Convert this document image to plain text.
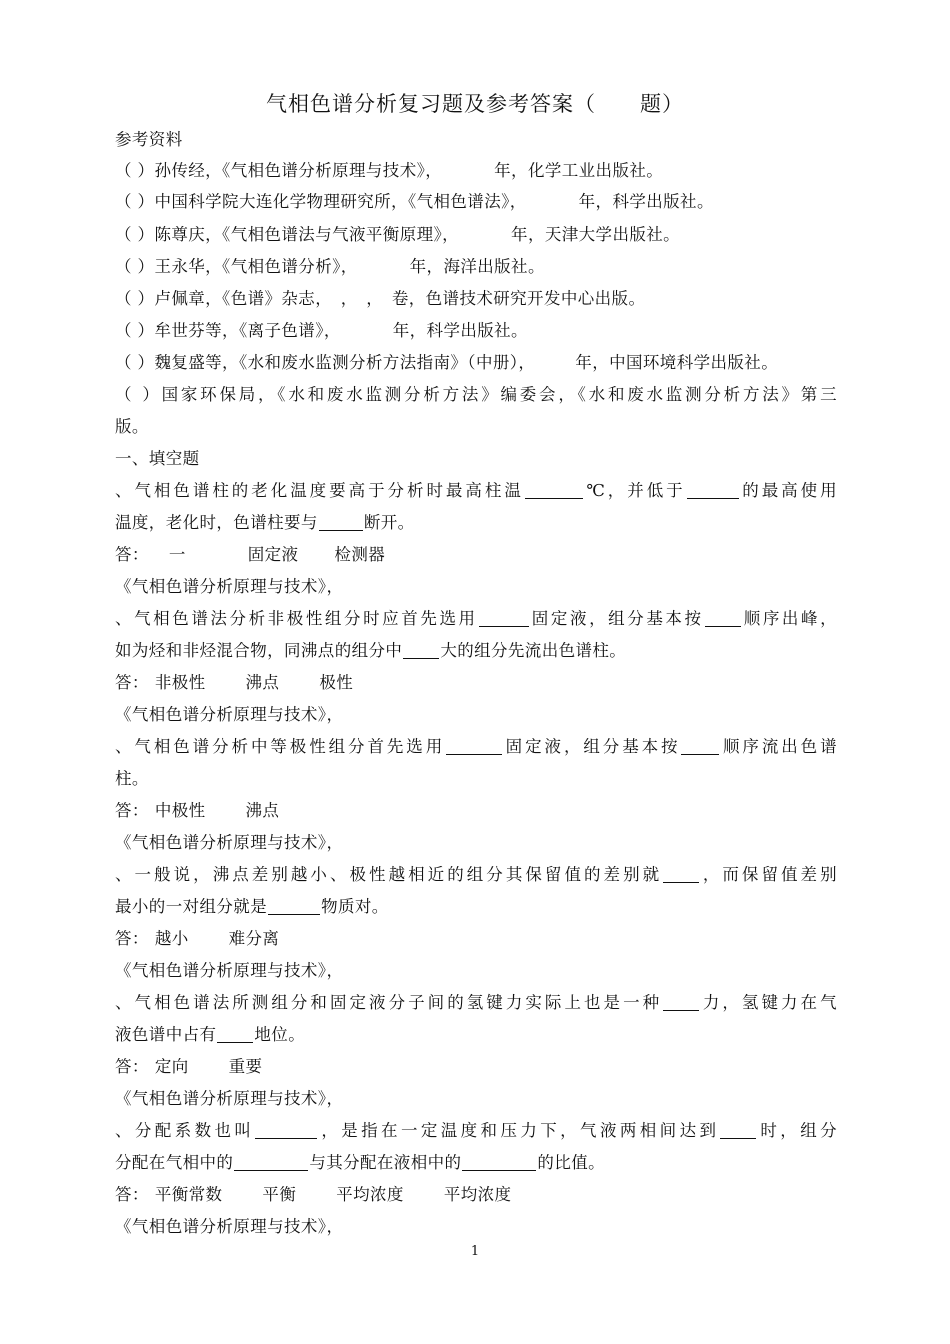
气相色谱分析复习题及参考答案（　　题）
参考资料
（ ）孙传经，《气相色谱分析原理与技术》，	年，化学工业出版社。
（ ）中国科学院大连化学物理研究所，《气相色谱法》，	年，科学出版社。
（ ）陈尊庆，《气相色谱法与气液平衡原理》，	年，天津大学出版社。
（ ）王永华，《气相色谱分析》，	年，海洋出版社。
（ ）卢佩章，《色谱》杂志，　，　，　卷，色谱技术研究开发中心出版。
（ ）牟世芬等，《离子色谱》，	年，科学出版社。
（ ）魏复盛等，《水和废水监测分析方法指南》（中册）， 年，中国环境科学出版社。
（ ）国家环保局，《水和废水监测分析方法》编委会，《水和废水监测分析方法》第三
版。
一、填空题
、气相色谱柱的老化温度要高于分析时最高柱温	℃，并低于	的最高使用
温度，老化时，色谱柱要与	断开。
答： 一	固定液 检测器
《气相色谱分析原理与技术》，
、气相色谱法分析非极性组分时应首先选用	固定液，组分基本按 顺序出峰，
如为烃和非烃混合物，同沸点的组分中 大的组分先流出色谱柱。
答： 非极性 沸点 极性
《气相色谱分析原理与技术》，
、气相色谱分析中等极性组分首先选用	固定液，组分基本按 顺序流出色谱
柱。
答： 中极性 沸点
《气相色谱分析原理与技术》，
、一般说，沸点差别越小、极性越相近的组分其保留值的差别就 ，而保留值差别
最小的一对组分就是	物质对。
答： 越小 难分离
《气相色谱分析原理与技术》，
、气相色谱法所测组分和固定液分子间的氢键力实际上也是一种 力，氢键力在气
液色谱中占有 地位。
答： 定向 重要
《气相色谱分析原理与技术》，
、分配系数也叫	，是指在一定温度和压力下，气液两相间达到 时，组分
分配在气相中的	与其分配在液相中的	的比值。
答： 平衡常数 平衡 平均浓度 平均浓度
《气相色谱分析原理与技术》，
1
